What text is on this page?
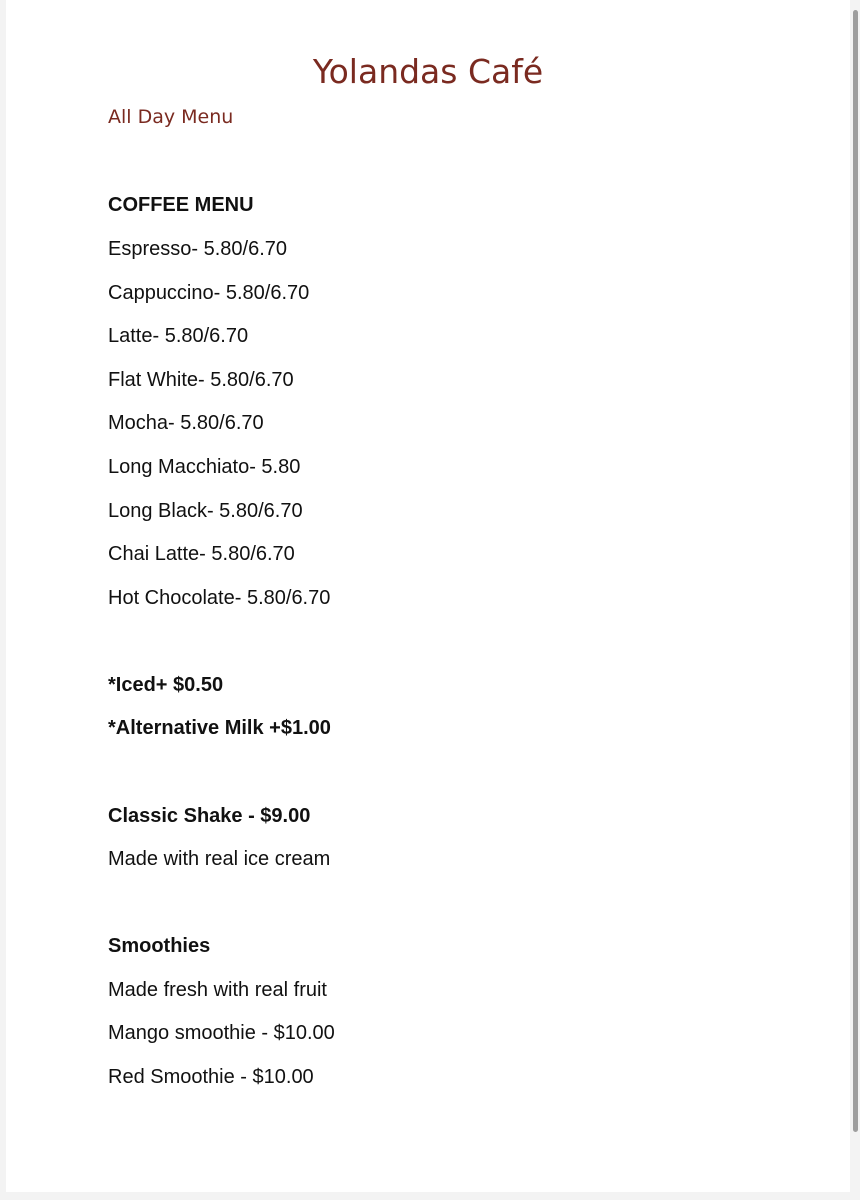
Yolandas Café

All Day Menu

COFFEE MENU

Espresso- 5.80/6.70

Cappuccino- 5.80/6.70

Latte- 5.80/6.70

Flat White- 5.80/6.70

Mocha- 5.80/6.70

Long Macchiato- 5.80

Long Black- 5.80/6.70

Chai Latte- 5.80/6.70

Hot Chocolate- 5.80/6.70

*Iced+ $0.50

*Alternative Milk +$1.00

Classic Shake - $9.00

Made with real ice cream

Smoothies

Made fresh with real fruit

Mango smoothie - $10.00

Red Smoothie - $10.00
